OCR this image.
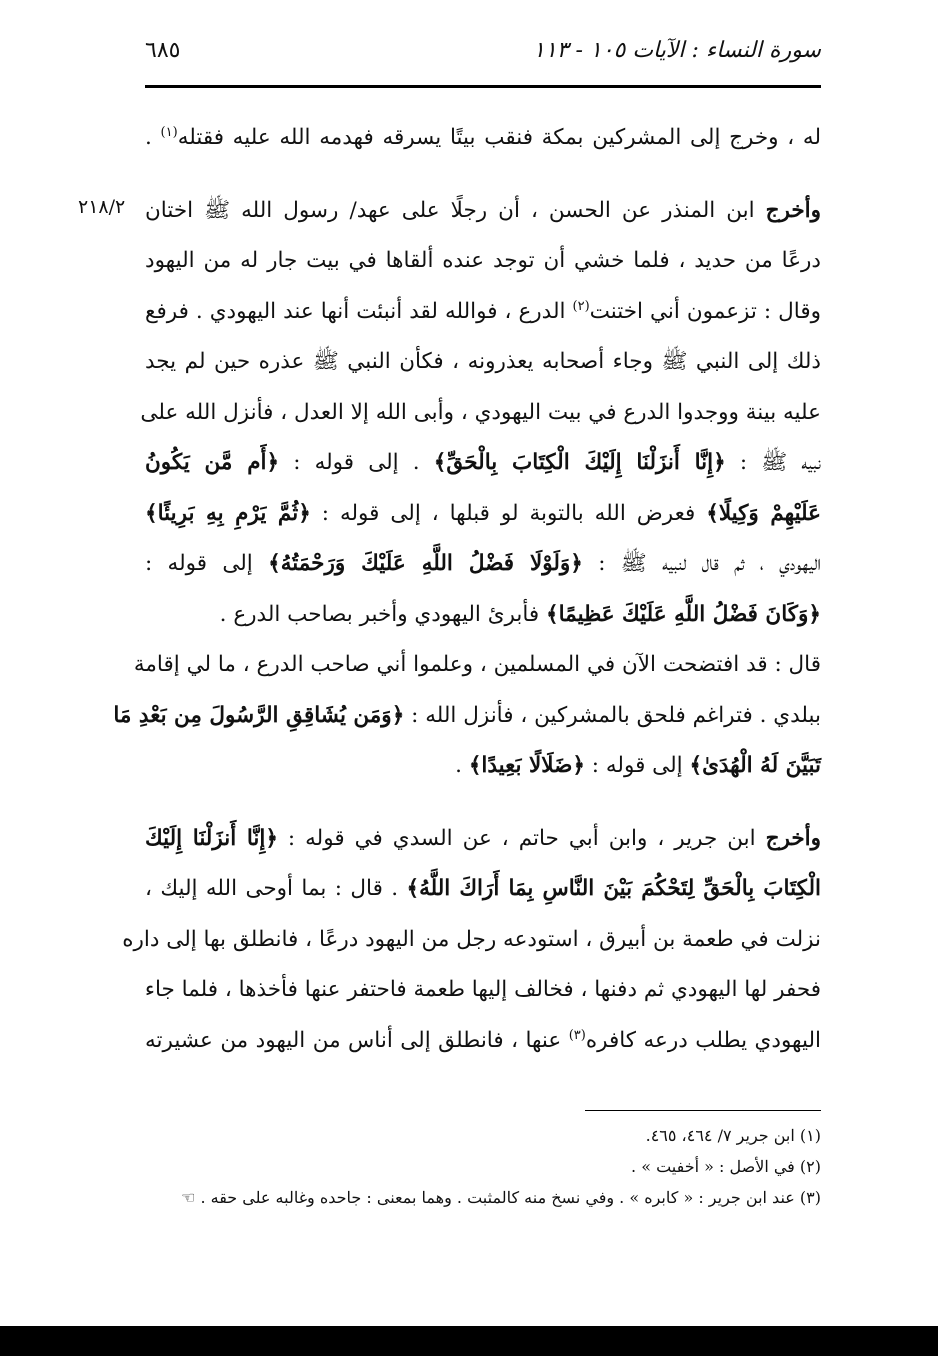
سورة النساء : الآيات ١٠٥ - ١١٣
٦٨٥
٢١٨/٢
له ، وخرج إلى المشركين بمكة فنقب بيتًا يسرقه فهدمه الله عليه فقتله$^{(١)}$ .
وأخرج ابن المنذر عن الحسن ، أن رجلًا على عهد/ رسول الله ﷺ اختان
درعًا من حديد ، فلما خشي أن توجد عنده ألقاها في بيت جار له من اليهود
وقال : تزعمون أني اختنت$^{(٢)}$ الدرع ، فوالله لقد أنبئت أنها عند اليهودي . فرفع
ذلك إلى النبي ﷺ وجاء أصحابه يعذرونه ، فكأن النبي ﷺ عذره حين لم يجد
عليه بينة ووجدوا الدرع في بيت اليهودي ، وأبى الله إلا العدل ، فأنزل الله على
نبيه ﷺ : ﴿إِنَّا أَنزَلْنَا إِلَيْكَ الْكِتَابَ بِالْحَقِّ﴾ . إلى قوله : ﴿أَم مَّن يَكُونُ
عَلَيْهِمْ وَكِيلًا﴾ فعرض الله بالتوبة لو قبلها ، إلى قوله : ﴿ثُمَّ يَرْمِ بِهِ بَرِيئًا﴾
اليهودي ، ثم قال لنبيه ﷺ : ﴿وَلَوْلَا فَضْلُ اللَّهِ عَلَيْكَ وَرَحْمَتُهُ﴾ إلى قوله :
﴿وَكَانَ فَضْلُ اللَّهِ عَلَيْكَ عَظِيمًا﴾ فأبرئ اليهودي وأخبر بصاحب الدرع .
قال : قد افتضحت الآن في المسلمين ، وعلموا أني صاحب الدرع ، ما لي إقامة
ببلدي . فتراغم فلحق بالمشركين ، فأنزل الله : ﴿وَمَن يُشَاقِقِ الرَّسُولَ مِن بَعْدِ مَا
تَبَيَّنَ لَهُ الْهُدَىٰ﴾ إلى قوله : ﴿ضَلَالًا بَعِيدًا﴾ .
وأخرج ابن جرير ، وابن أبي حاتم ، عن السدي في قوله : ﴿إِنَّا أَنزَلْنَا إِلَيْكَ
الْكِتَابَ بِالْحَقِّ لِتَحْكُمَ بَيْنَ النَّاسِ بِمَا أَرَاكَ اللَّهُ﴾ . قال : بما أوحى الله إليك ،
نزلت في طعمة بن أبيرق ، استودعه رجل من اليهود درعًا ، فانطلق بها إلى داره
فحفر لها اليهودي ثم دفنها ، فخالف إليها طعمة فاحتفر عنها فأخذها ، فلما جاء
اليهودي يطلب درعه كافره$^{(٣)}$ عنها ، فانطلق إلى أناس من اليهود من عشيرته
(١) ابن جرير ٧/ ٤٦٤، ٤٦٥.
(٢) في الأصل : « أخفيت » .
(٣) عند ابن جرير : « كابره » . وفي نسخ منه كالمثبت . وهما بمعنى : جاحده وغالبه على حقه . ☜
